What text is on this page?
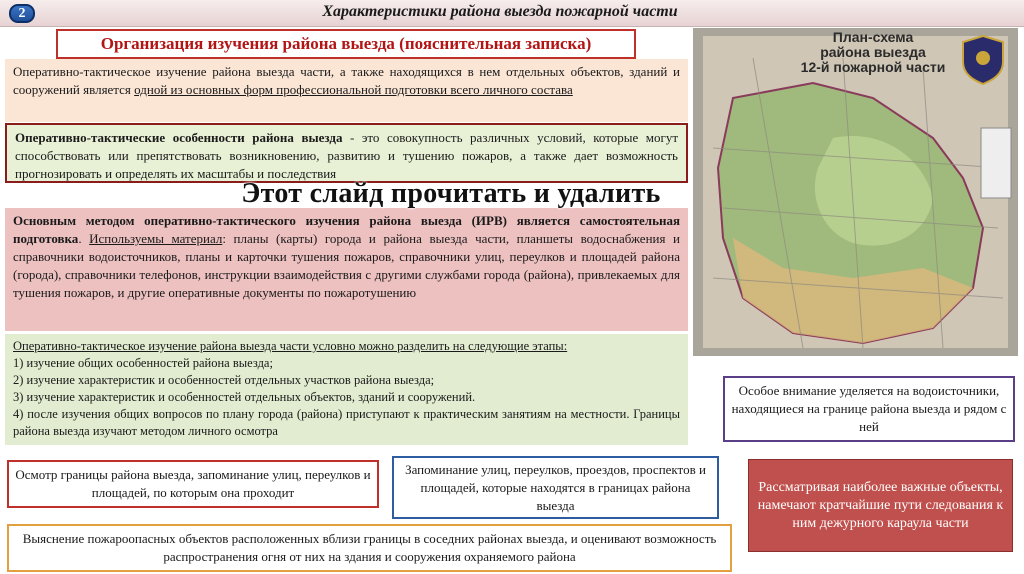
2	Характеристики района выезда пожарной части
Организация изучения района выезда (пояснительная записка)
Оперативно-тактическое изучение района выезда части, а также находящихся в нем отдельных объектов, зданий и сооружений является одной из основных форм профессиональной подготовки всего личного состава
Оперативно-тактические особенности района выезда - это совокупность различных условий, которые могут способствовать или препятствовать возникновению, развитию и тушению пожаров, а также дает возможность прогнозировать и определять их масштабы и последствия
Основным методом оперативно-тактического изучения района выезда (ИРВ) является самостоятельная подготовка. Используемы материал: планы (карты) города и района выезда части, планшеты водоснабжения и справочники водоисточников, планы и карточки тушения пожаров, справочники улиц, переулков и площадей района (города), справочники телефонов, инструкции взаимодействия с другими службами города (района), привлекаемых для тушения пожаров, и другие оперативные документы по пожаротушению
Оперативно-тактическое изучение района выезда части условно можно разделить на следующие этапы:
1) изучение общих особенностей района выезда;
2) изучение характеристик и особенностей отдельных участков района выезда;
3) изучение характеристик и особенностей отдельных объектов, зданий и сооружений.
4) после изучения общих вопросов по плану города (района) приступают к практическим занятиям на местности. Границы района выезда изучают методом личного осмотра
План-схема
района выезда
12-й пожарной части
Этот слайд прочитать и удалить
Особое внимание уделяется на водоисточники, находящиеся на границе района выезда и рядом с ней
Осмотр границы района выезда, запоминание улиц, переулков и площадей, по которым она проходит
Запоминание улиц, переулков, проездов, проспектов и площадей, которые находятся в границах района выезда
Рассматривая наиболее важные объекты, намечают кратчайшие пути следования к ним дежурного караула части
Выяснение пожароопасных объектов расположенных вблизи границы в соседних районах выезда, и оценивают возможность распространения огня от них на здания и сооружения охраняемого района
